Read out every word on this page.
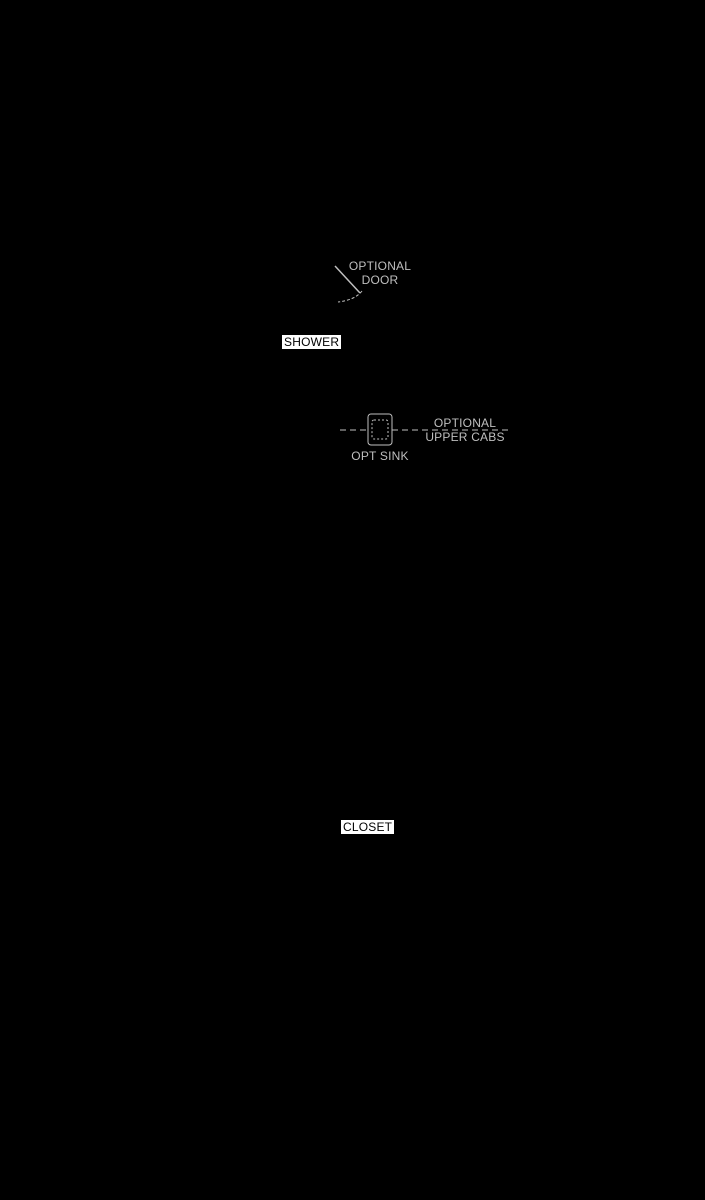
OPTIONAL
DOOR
SHOWER
OPTIONAL
UPPER CABS
OPT SINK
CLOSET
